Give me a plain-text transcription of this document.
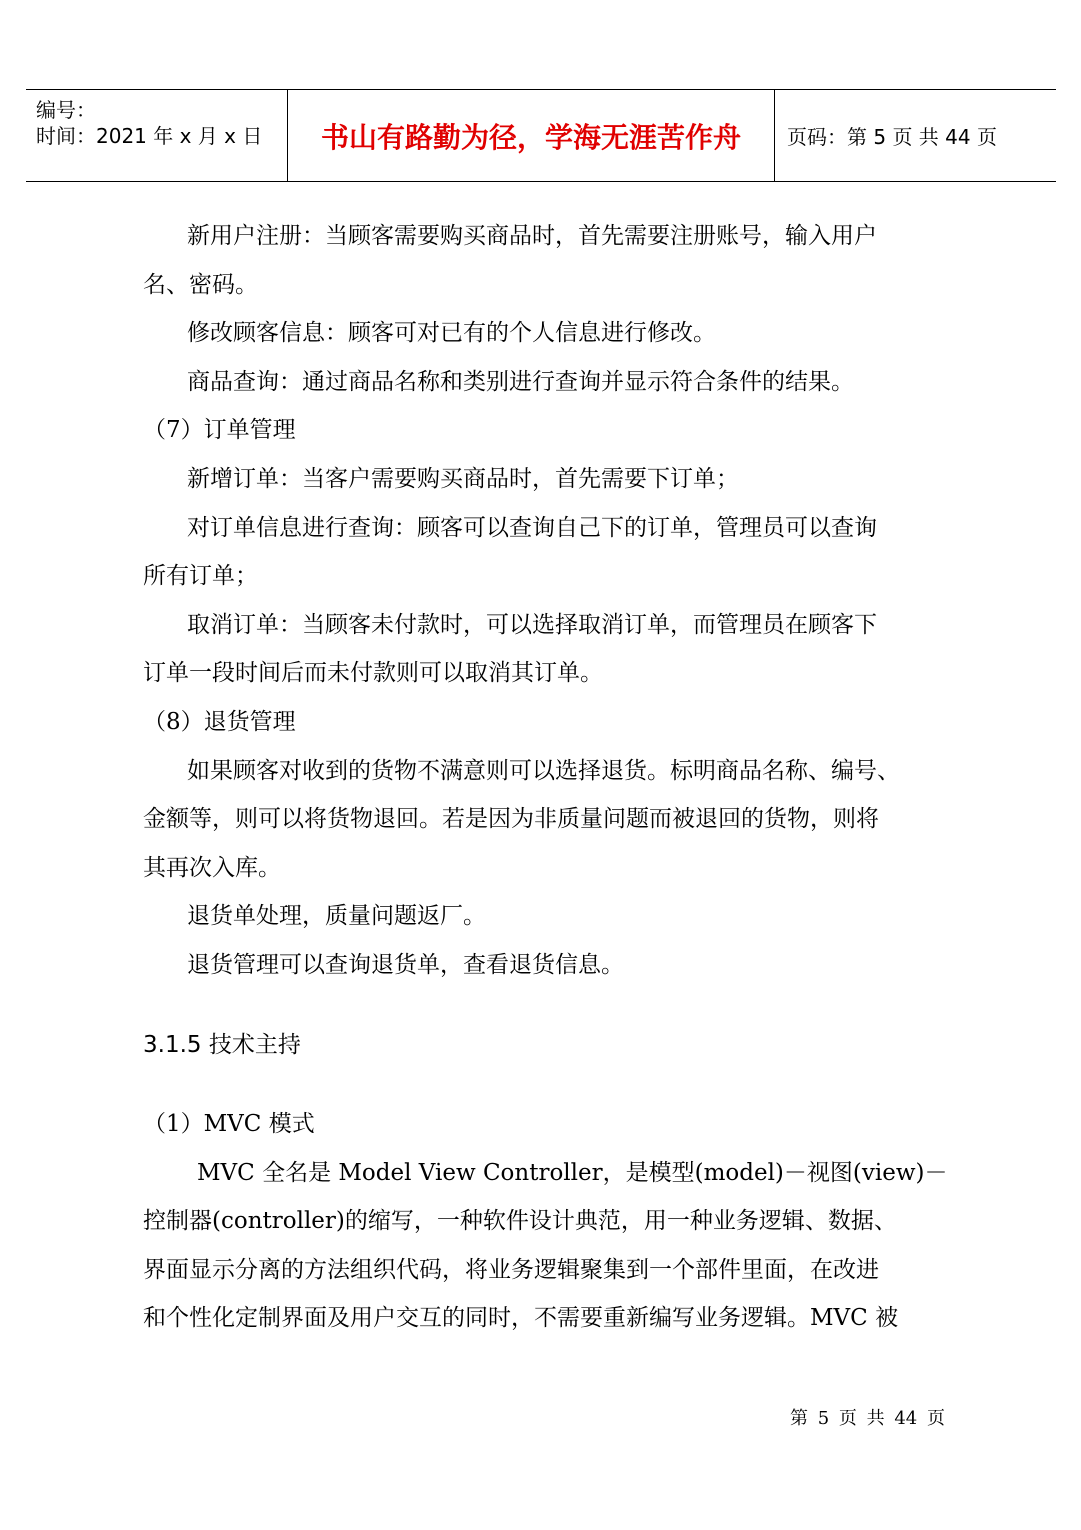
编号：
时间：2021 年 x 月 x 日 书山有路勤为径，学海无涯苦作舟 页码：第 5 页 共 44 页

新用户注册：当顾客需要购买商品时，首先需要注册账号，输入用户

名、密码。

修改顾客信息：顾客可对已有的个人信息进行修改。

商品查询：通过商品名称和类别进行查询并显示符合条件的结果。

（7）订单管理

新增订单：当客户需要购买商品时，首先需要下订单；

对订单信息进行查询：顾客可以查询自己下的订单，管理员可以查询

所有订单；

取消订单：当顾客未付款时，可以选择取消订单，而管理员在顾客下

订单一段时间后而未付款则可以取消其订单。

（8）退货管理

如果顾客对收到的货物不满意则可以选择退货。标明商品名称、编号、

金额等，则可以将货物退回。若是因为非质量问题而被退回的货物，则将

其再次入库。

退货单处理，质量问题返厂。

退货管理可以查询退货单，查看退货信息。

3.1.5 技术主持

（1）MVC 模式

MVC 全名是 Model View Controller，是模型(model)－视图(view)－

控制器(controller)的缩写，一种软件设计典范，用一种业务逻辑、数据、

界面显示分离的方法组织代码，将业务逻辑聚集到一个部件里面，在改进

和个性化定制界面及用户交互的同时，不需要重新编写业务逻辑。MVC 被

第 5 页 共 44 页
